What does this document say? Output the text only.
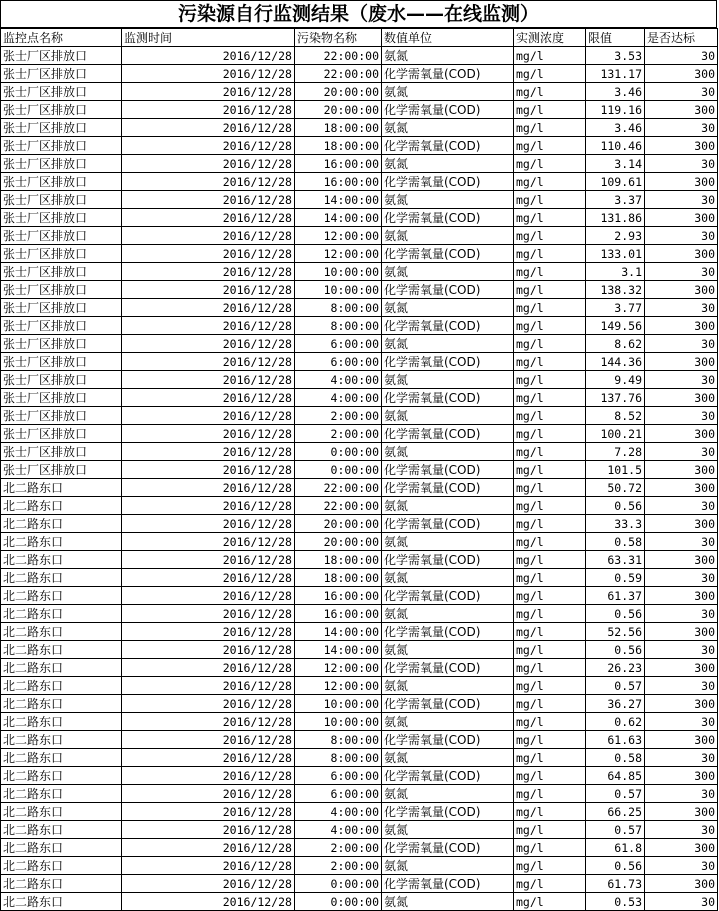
污染源自行监测结果（废水——在线监测）
监控点名称	监测时间	污染物名称	数值单位	实测浓度	限值	是否达标
张士厂区排放口	2016/12/28	22:00:00	氨氮	mg/l	3.53	30
张士厂区排放口	2016/12/28	22:00:00	化学需氧量(COD)	mg/l	131.17	300
张士厂区排放口	2016/12/28	20:00:00	氨氮	mg/l	3.46	30
张士厂区排放口	2016/12/28	20:00:00	化学需氧量(COD)	mg/l	119.16	300
张士厂区排放口	2016/12/28	18:00:00	氨氮	mg/l	3.46	30
张士厂区排放口	2016/12/28	18:00:00	化学需氧量(COD)	mg/l	110.46	300
张士厂区排放口	2016/12/28	16:00:00	氨氮	mg/l	3.14	30
张士厂区排放口	2016/12/28	16:00:00	化学需氧量(COD)	mg/l	109.61	300
张士厂区排放口	2016/12/28	14:00:00	氨氮	mg/l	3.37	30
张士厂区排放口	2016/12/28	14:00:00	化学需氧量(COD)	mg/l	131.86	300
张士厂区排放口	2016/12/28	12:00:00	氨氮	mg/l	2.93	30
张士厂区排放口	2016/12/28	12:00:00	化学需氧量(COD)	mg/l	133.01	300
张士厂区排放口	2016/12/28	10:00:00	氨氮	mg/l	3.1	30
张士厂区排放口	2016/12/28	10:00:00	化学需氧量(COD)	mg/l	138.32	300
张士厂区排放口	2016/12/28	8:00:00	氨氮	mg/l	3.77	30
张士厂区排放口	2016/12/28	8:00:00	化学需氧量(COD)	mg/l	149.56	300
张士厂区排放口	2016/12/28	6:00:00	氨氮	mg/l	8.62	30
张士厂区排放口	2016/12/28	6:00:00	化学需氧量(COD)	mg/l	144.36	300
张士厂区排放口	2016/12/28	4:00:00	氨氮	mg/l	9.49	30
张士厂区排放口	2016/12/28	4:00:00	化学需氧量(COD)	mg/l	137.76	300
张士厂区排放口	2016/12/28	2:00:00	氨氮	mg/l	8.52	30
张士厂区排放口	2016/12/28	2:00:00	化学需氧量(COD)	mg/l	100.21	300
张士厂区排放口	2016/12/28	0:00:00	氨氮	mg/l	7.28	30
张士厂区排放口	2016/12/28	0:00:00	化学需氧量(COD)	mg/l	101.5	300
北二路东口	2016/12/28	22:00:00	化学需氧量(COD)	mg/l	50.72	300
北二路东口	2016/12/28	22:00:00	氨氮	mg/l	0.56	30
北二路东口	2016/12/28	20:00:00	化学需氧量(COD)	mg/l	33.3	300
北二路东口	2016/12/28	20:00:00	氨氮	mg/l	0.58	30
北二路东口	2016/12/28	18:00:00	化学需氧量(COD)	mg/l	63.31	300
北二路东口	2016/12/28	18:00:00	氨氮	mg/l	0.59	30
北二路东口	2016/12/28	16:00:00	化学需氧量(COD)	mg/l	61.37	300
北二路东口	2016/12/28	16:00:00	氨氮	mg/l	0.56	30
北二路东口	2016/12/28	14:00:00	化学需氧量(COD)	mg/l	52.56	300
北二路东口	2016/12/28	14:00:00	氨氮	mg/l	0.56	30
北二路东口	2016/12/28	12:00:00	化学需氧量(COD)	mg/l	26.23	300
北二路东口	2016/12/28	12:00:00	氨氮	mg/l	0.57	30
北二路东口	2016/12/28	10:00:00	化学需氧量(COD)	mg/l	36.27	300
北二路东口	2016/12/28	10:00:00	氨氮	mg/l	0.62	30
北二路东口	2016/12/28	8:00:00	化学需氧量(COD)	mg/l	61.63	300
北二路东口	2016/12/28	8:00:00	氨氮	mg/l	0.58	30
北二路东口	2016/12/28	6:00:00	化学需氧量(COD)	mg/l	64.85	300
北二路东口	2016/12/28	6:00:00	氨氮	mg/l	0.57	30
北二路东口	2016/12/28	4:00:00	化学需氧量(COD)	mg/l	66.25	300
北二路东口	2016/12/28	4:00:00	氨氮	mg/l	0.57	30
北二路东口	2016/12/28	2:00:00	化学需氧量(COD)	mg/l	61.8	300
北二路东口	2016/12/28	2:00:00	氨氮	mg/l	0.56	30
北二路东口	2016/12/28	0:00:00	化学需氧量(COD)	mg/l	61.73	300
北二路东口	2016/12/28	0:00:00	氨氮	mg/l	0.53	30
